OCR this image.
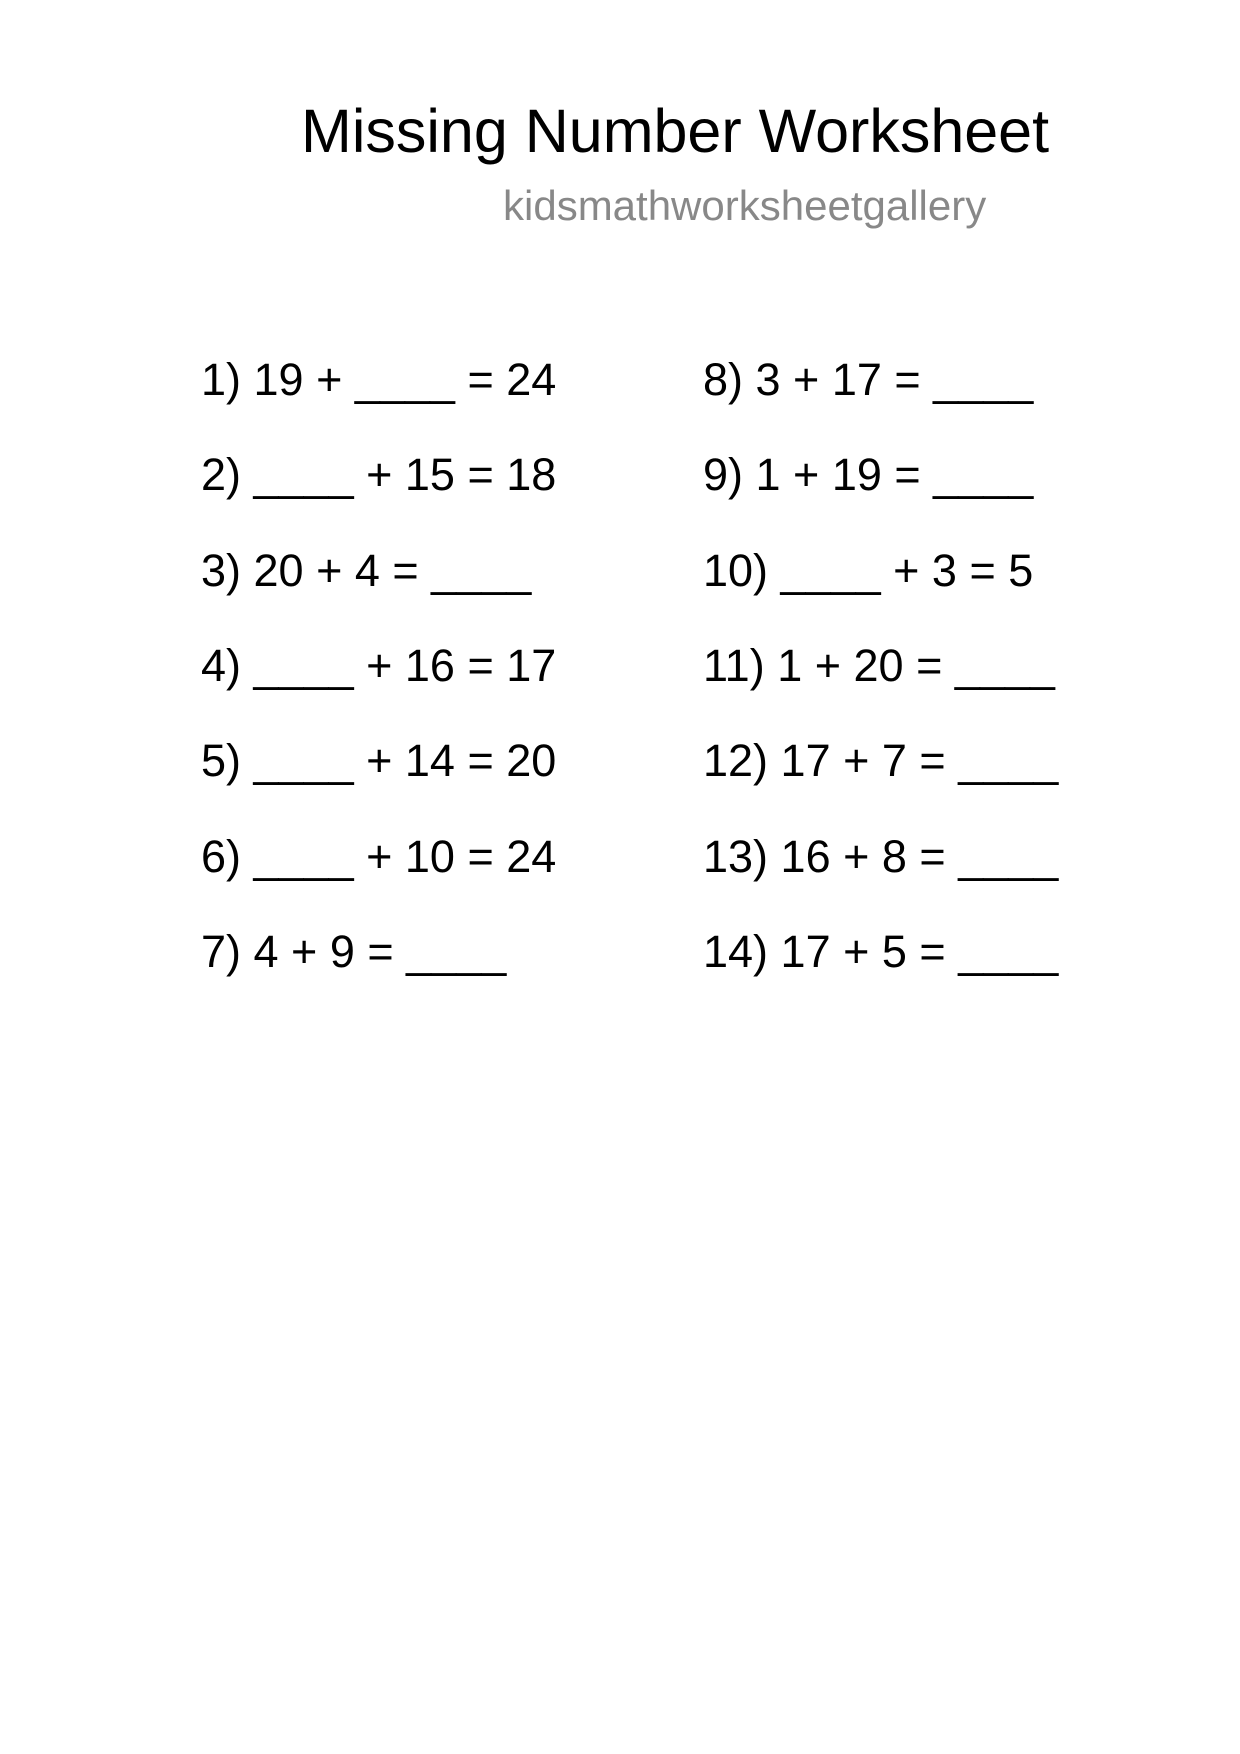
Missing Number Worksheet
kidsmathworksheetgallery
1) 19 + ____ = 24
2) ____ + 15 = 18
3) 20 + 4 = ____
4) ____ + 16 = 17
5) ____ + 14 = 20
6) ____ + 10 = 24
7) 4 + 9 = ____
8) 3 + 17 = ____
9) 1 + 19 = ____
10) ____ + 3 = 5
11) 1 + 20 = ____
12) 17 + 7 = ____
13) 16 + 8 = ____
14) 17 + 5 = ____
